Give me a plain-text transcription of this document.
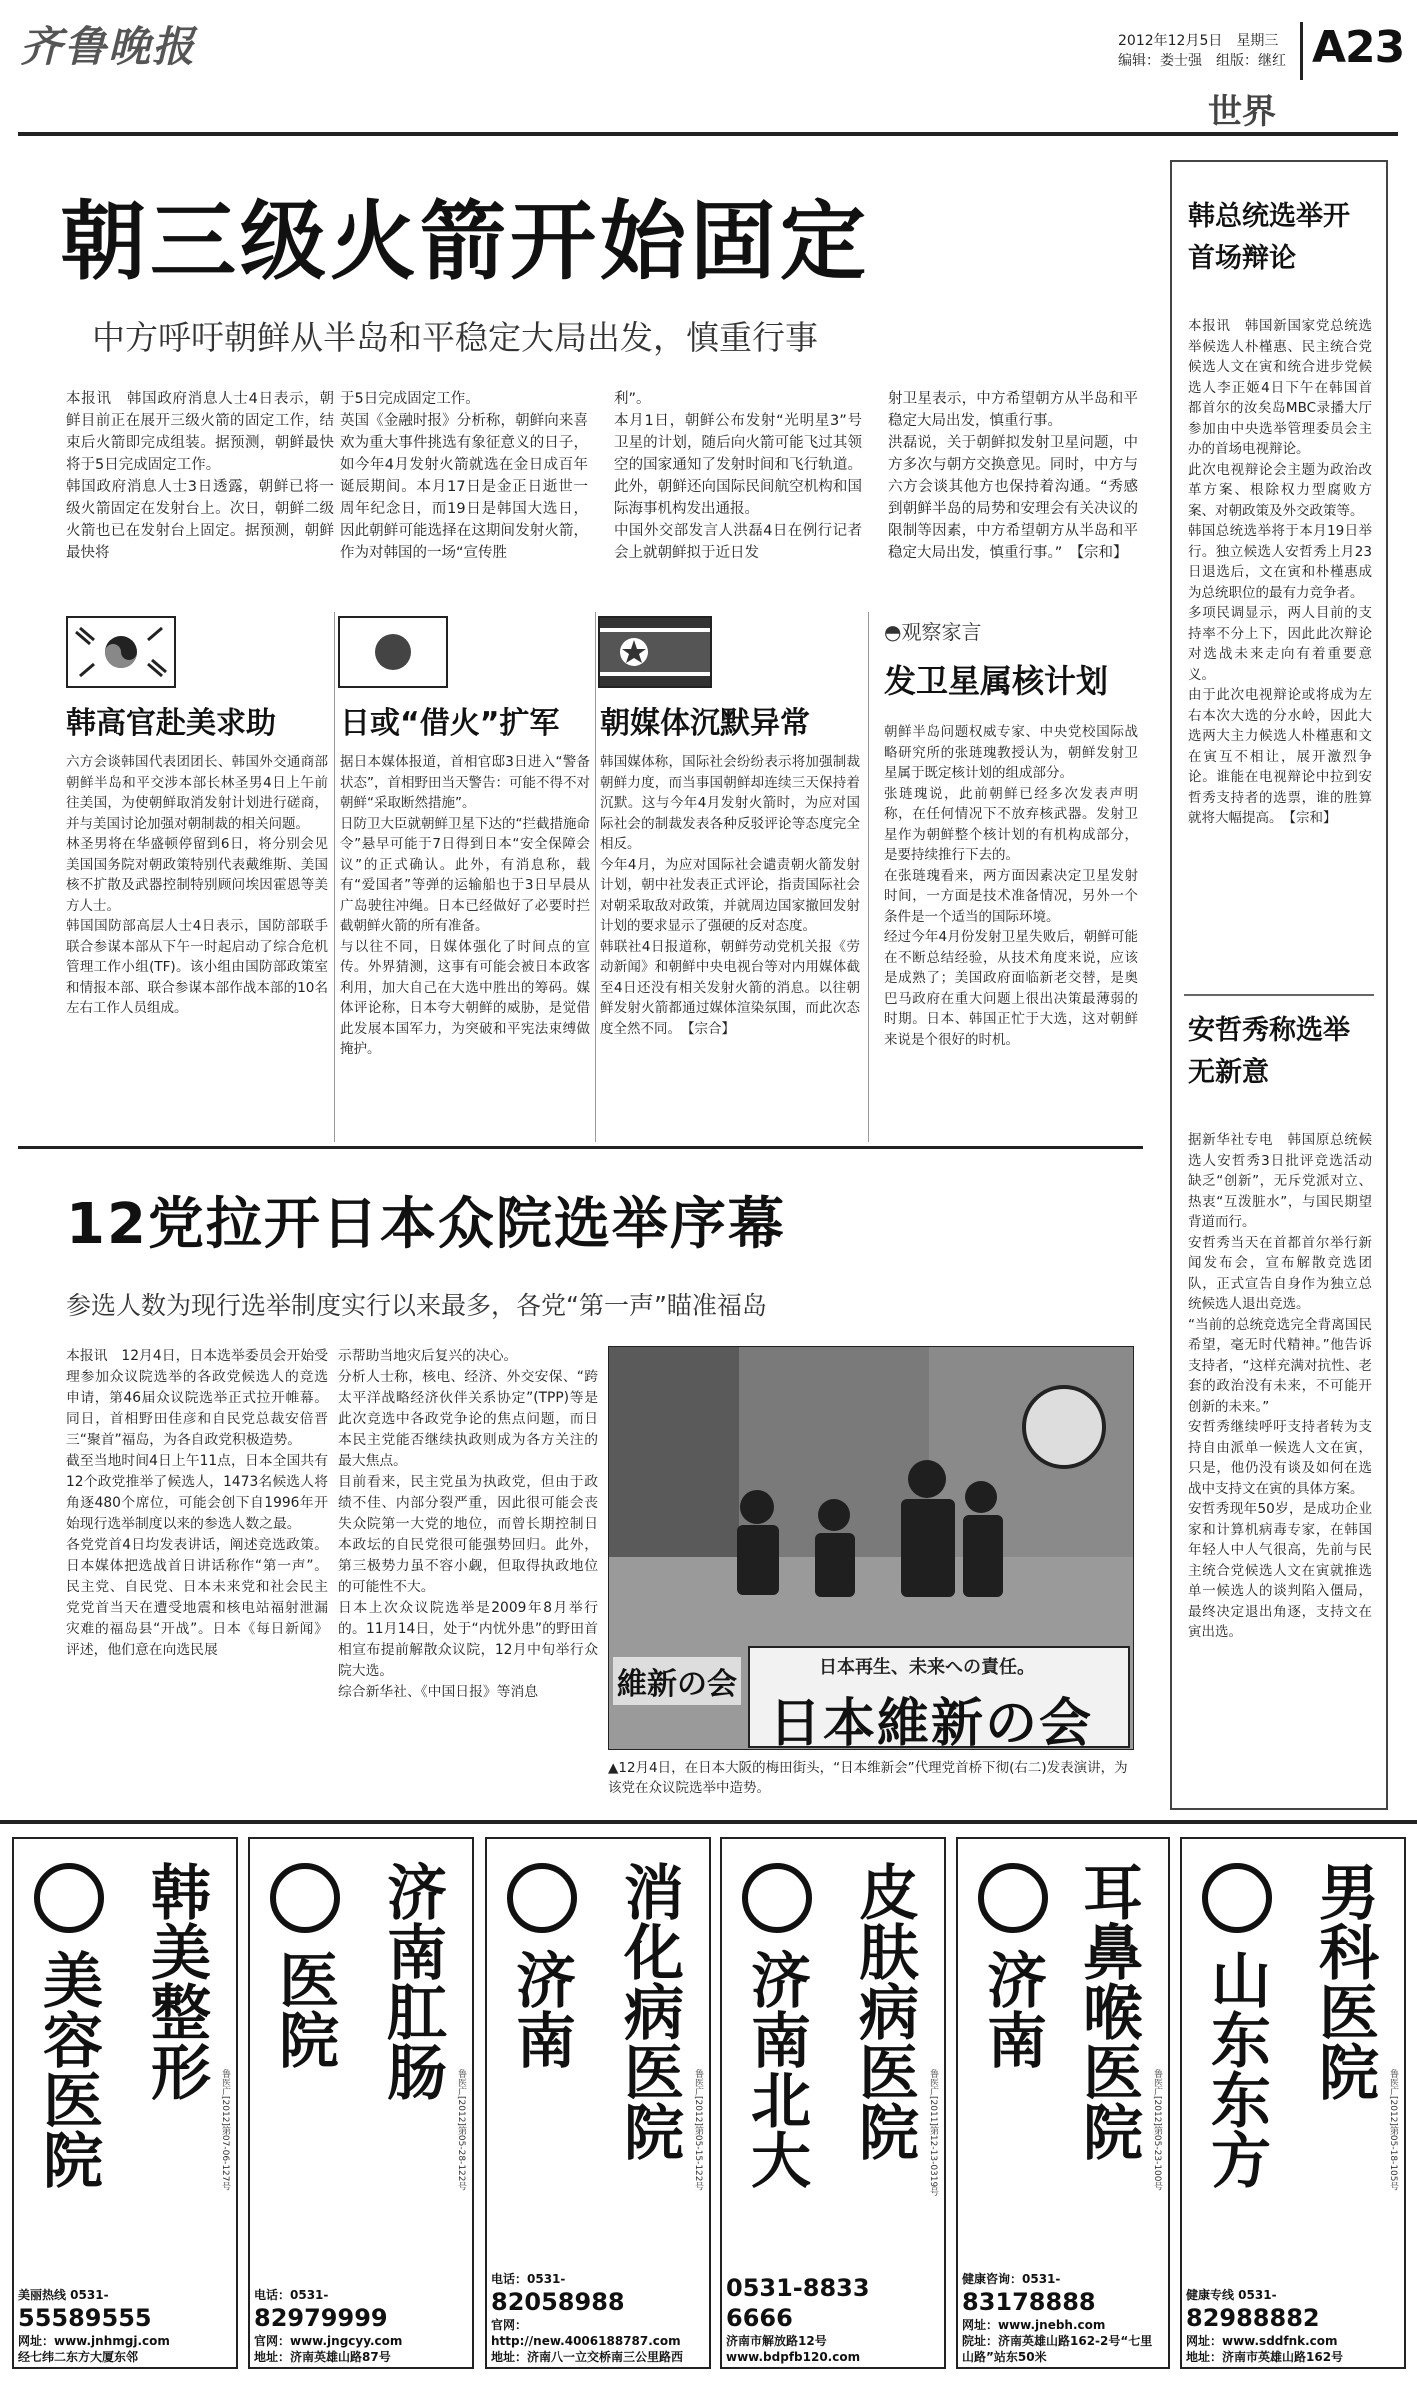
齐鲁晚报	2012年12月5日　 星期三
编辑：娄士强　 组版：继红 A23
世界
朝三级火箭开始固定
中方呼吁朝鲜从半岛和平稳定大局出发，慎重行事
本报讯　韩国政府消息人士4日表示，朝鲜目前正在展开三级火箭的固定工作，结束后火箭即完成组装。据预测，朝鲜最快将于5日完成固定工作。
韩国政府消息人士3日透露，朝鲜已将一级火箭固定在发射台上。次日，朝鲜二级火箭也已在发射台上固定。据预测，朝鲜最快将
于5日完成固定工作。
英国《金融时报》分析称，朝鲜向来喜欢为重大事件挑选有象征意义的日子，如今年4月发射火箭就选在金日成百年诞辰期间。本月17日是金正日逝世一周年纪念日，而19日是韩国大选日，因此朝鲜可能选择在这期间发射火箭，作为对韩国的一场“宣传胜
利”。
本月1日，朝鲜公布发射“光明星3”号卫星的计划，随后向火箭可能飞过其领空的国家通知了发射时间和飞行轨道。此外，朝鲜还向国际民间航空机构和国际海事机构发出通报。
中国外交部发言人洪磊4日在例行记者会上就朝鲜拟于近日发
射卫星表示，中方希望朝方从半岛和平稳定大局出发，慎重行事。
洪磊说，关于朝鲜拟发射卫星问题，中方多次与朝方交换意见。同时，中方与六方会谈其他方也保持着沟通。“秀感到朝鲜半岛的局势和安理会有关决议的限制等因素，中方希望朝方从半岛和平稳定大局出发，慎重行事。”　【宗和】
韩高官赴美求助
六方会谈韩国代表团团长、韩国外交通商部朝鲜半岛和平交涉本部长林圣男4日上午前往美国，为使朝鲜取消发射计划进行磋商，并与美国讨论加强对朝制裁的相关问题。
林圣男将在华盛顿停留到6日，将分别会见美国国务院对朝政策特别代表戴维斯、美国核不扩散及武器控制特别顾问埃因霍恩等美方人士。
韩国国防部高层人士4日表示，国防部联手联合参谋本部从下午一时起启动了综合危机管理工作小组(TF)。该小组由国防部政策室和情报本部、联合参谋本部作战本部的10名左右工作人员组成。
日或“借火”扩军
据日本媒体报道，首相官邸3日进入“警备状态”，首相野田当天警告：可能不得不对朝鲜“采取断然措施”。
日防卫大臣就朝鲜卫星下达的“拦截措施命令”悬早可能于7日得到日本“安全保障会议”的正式确认。此外，有消息称，载有“爱国者”等弹的运输船也于3日早晨从广岛驶往冲绳。日本已经做好了必要时拦截朝鲜火箭的所有准备。
与以往不同，日媒体强化了时间点的宣传。外界猜测，这事有可能会被日本政客利用，加大自己在大选中胜出的筹码。媒体评论称，日本夸大朝鲜的威胁，是觉借此发展本国军力，为突破和平宪法束缚做掩护。
朝媒体沉默异常
韩国媒体称，国际社会纷纷表示将加强制裁朝鲜力度，而当事国朝鲜却连续三天保持着沉默。这与今年4月发射火箭时，为应对国际社会的制裁发表各种反驳评论等态度完全相反。
今年4月，为应对国际社会谴责朝火箭发射计划，朝中社发表正式评论，指责国际社会对朝采取敌对政策，并就周边国家撤回发射计划的要求显示了强硬的反对态度。
韩联社4日报道称，朝鲜劳动党机关报《劳动新闻》和朝鲜中央电视台等对内用媒体截至4日还没有相关发射火箭的消息。以往朝鲜发射火箭都通过媒体渲染氛围，而此次态度全然不同。　【宗合】
◓观察家言
发卫星属核计划
朝鲜半岛问题权威专家、中央党校国际战略研究所的张琏瑰教授认为，朝鲜发射卫星属于既定核计划的组成部分。
张琏瑰说，此前朝鲜已经多次发表声明称，在任何情况下不放弃核武器。发射卫星作为朝鲜整个核计划的有机构成部分，是要持续推行下去的。
在张琏瑰看来，两方面因素决定卫星发射时间，一方面是技术准备情况，另外一个条件是一个适当的国际环境。
经过今年4月份发射卫星失败后，朝鲜可能在不断总结经验，从技术角度来说，应该是成熟了；美国政府面临新老交替，是奥巴马政府在重大问题上很出决策最薄弱的时期。日本、韩国正忙于大选，这对朝鲜来说是个很好的时机。
韩总统选举开首场辩论
本报讯　韩国新国家党总统选举候选人朴槿惠、民主统合党候选人文在寅和统合进步党候选人李正姬4日下午在韩国首都首尔的汝矣岛MBC录播大厅参加由中央选举管理委员会主办的首场电视辩论。
此次电视辩论会主题为政治改革方案、根除权力型腐败方案、对朝政策及外交政策等。
韩国总统选举将于本月19日举行。独立候选人安哲秀上月23日退选后，文在寅和朴槿惠成为总统职位的最有力竞争者。
多项民调显示，两人目前的支持率不分上下，因此此次辩论对选战未来走向有着重要意义。
由于此次电视辩论或将成为左右本次大选的分水岭，因此大选两大主力候选人朴槿惠和文在寅互不相让，展开激烈争论。谁能在电视辩论中拉到安哲秀支持者的选票，谁的胜算就将大幅提高。　【宗和】
安哲秀称选举无新意
据新华社专电　韩国原总统候选人安哲秀3日批评竞选活动缺乏“创新”，无斥党派对立、热衷“互泼脏水”，与国民期望背道而行。
安哲秀当天在首都首尔举行新闻发布会，宣布解散竞选团队，正式宣告自身作为独立总统候选人退出竞选。
“当前的总统竞选完全背离国民希望，毫无时代精神。”他告诉支持者，“这样充满对抗性、老套的政治没有未来，不可能开创新的未来。”
安哲秀继续呼吁支持者转为支持自由派单一候选人文在寅，只是，他仍没有谈及如何在选战中支持文在寅的具体方案。
安哲秀现年50岁，是成功企业家和计算机病毒专家，在韩国年轻人中人气很高，先前与民主统合党候选人文在寅就推选单一候选人的谈判陷入僵局，最终决定退出角逐，支持文在寅出选。
12党拉开日本众院选举序幕
参选人数为现行选举制度实行以来最多，各党“第一声”瞄准福岛
本报讯　12月4日，日本选举委员会开始受理参加众议院选举的各政党候选人的竞选申请，第46届众议院选举正式拉开帷幕。同日，首相野田佳彦和自民党总裁安倍晋三“聚首”福岛，为各自政党积极造势。
截至当地时间4日上午11点，日本全国共有12个政党推举了候选人，1473名候选人将角逐480个席位，可能会创下自1996年开始现行选举制度以来的参选人数之最。
各党党首4日均发表讲话，阐述竞选政策。日本媒体把选战首日讲话称作“第一声”。民主党、自民党、日本未来党和社会民主党党首当天在遭受地震和核电站福射泄漏灾难的福岛县“开战”。日本《每日新闻》评述，他们意在向选民展
示帮助当地灾后复兴的决心。
分析人士称，核电、经济、外交安保、“跨太平洋战略经济伙伴关系协定”(TPP)等是此次竞选中各政党争论的焦点问题，而日本民主党能否继续执政则成为各方关注的最大焦点。
目前看来，民主党虽为执政党，但由于政绩不佳、内部分裂严重，因此很可能会丧失众院第一大党的地位，而曾长期控制日本政坛的自民党很可能强势回归。此外，第三极势力虽不容小觑，但取得执政地位的可能性不大。
日本上次众议院选举是2009年8月举行的。11月14日，处于“内忧外患”的野田首相宣布提前解散众议院，12月中旬举行众院大选。
综合新华社、《中国日报》等消息
日本再生、未来への責任。
日本維新の会
維新の会
▲12月4日，在日本大阪的梅田街头，“日本维新会”代理党首桥下彻(右二)发表演讲，为该党在众议院选举中造势。
韩美整形
美容医院	鲁医广[2012]第07-06-127号
美丽热线 0531-
55589555
网址：www.jnhmgj.com
经七纬二东方大厦东邻
济南肛肠
医院
鲁医广[2012]第05-28-122号
电话：0531-
82979999
官网：www.jngcyy.com
地址：济南英雄山路87号
消化病医院
济南
鲁医广[2012]第05-15-122号
电话：0531-
82058988
官网：http://new.4006188787.com
地址：济南八一立交桥南三公里路西
皮肤病医院
济南北大	鲁医广[2011]第12-13-0319号
0531-8833 6666
济南市解放路12号
www.bdpfb120.com
耳鼻喉医院
济南
鲁医广[2012]第05-23-100号
健康咨询：0531-
83178888
网址：www.jnebh.com
院址：济南英雄山路162-2号“七里山路”站东50米
男科医院
山东东方	鲁医广[2012]第05-18-105号
健康专线 0531-
82988882
网址：www.sddfnk.com
地址：济南市英雄山路162号
